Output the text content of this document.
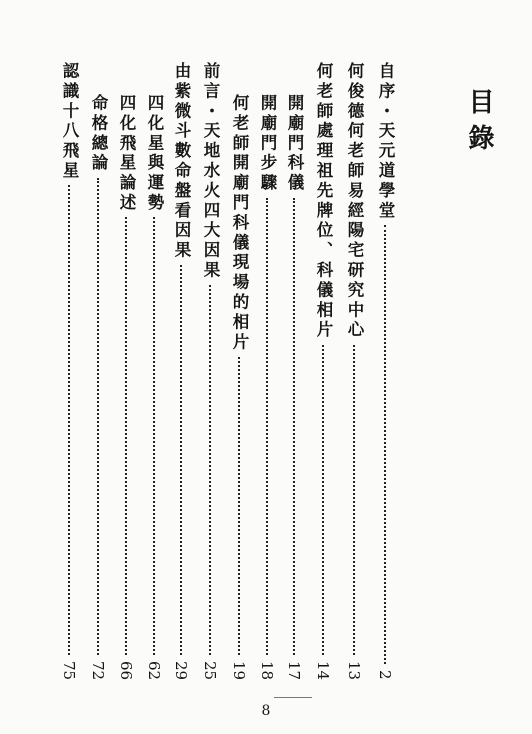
目錄
自序・天元道學堂
2
何俊德何老師易經陽宅研究中心
13
何老師處理祖先牌位、科儀相片
14
開廟門科儀
17
開廟門步驟
18
何老師開廟門科儀現場的相片
19
前言・天地水火四大因果
25
由紫微斗數命盤看因果
29
四化星與運勢
62
四化飛星論述
66
命格總論
72
認識十八飛星
75
8
